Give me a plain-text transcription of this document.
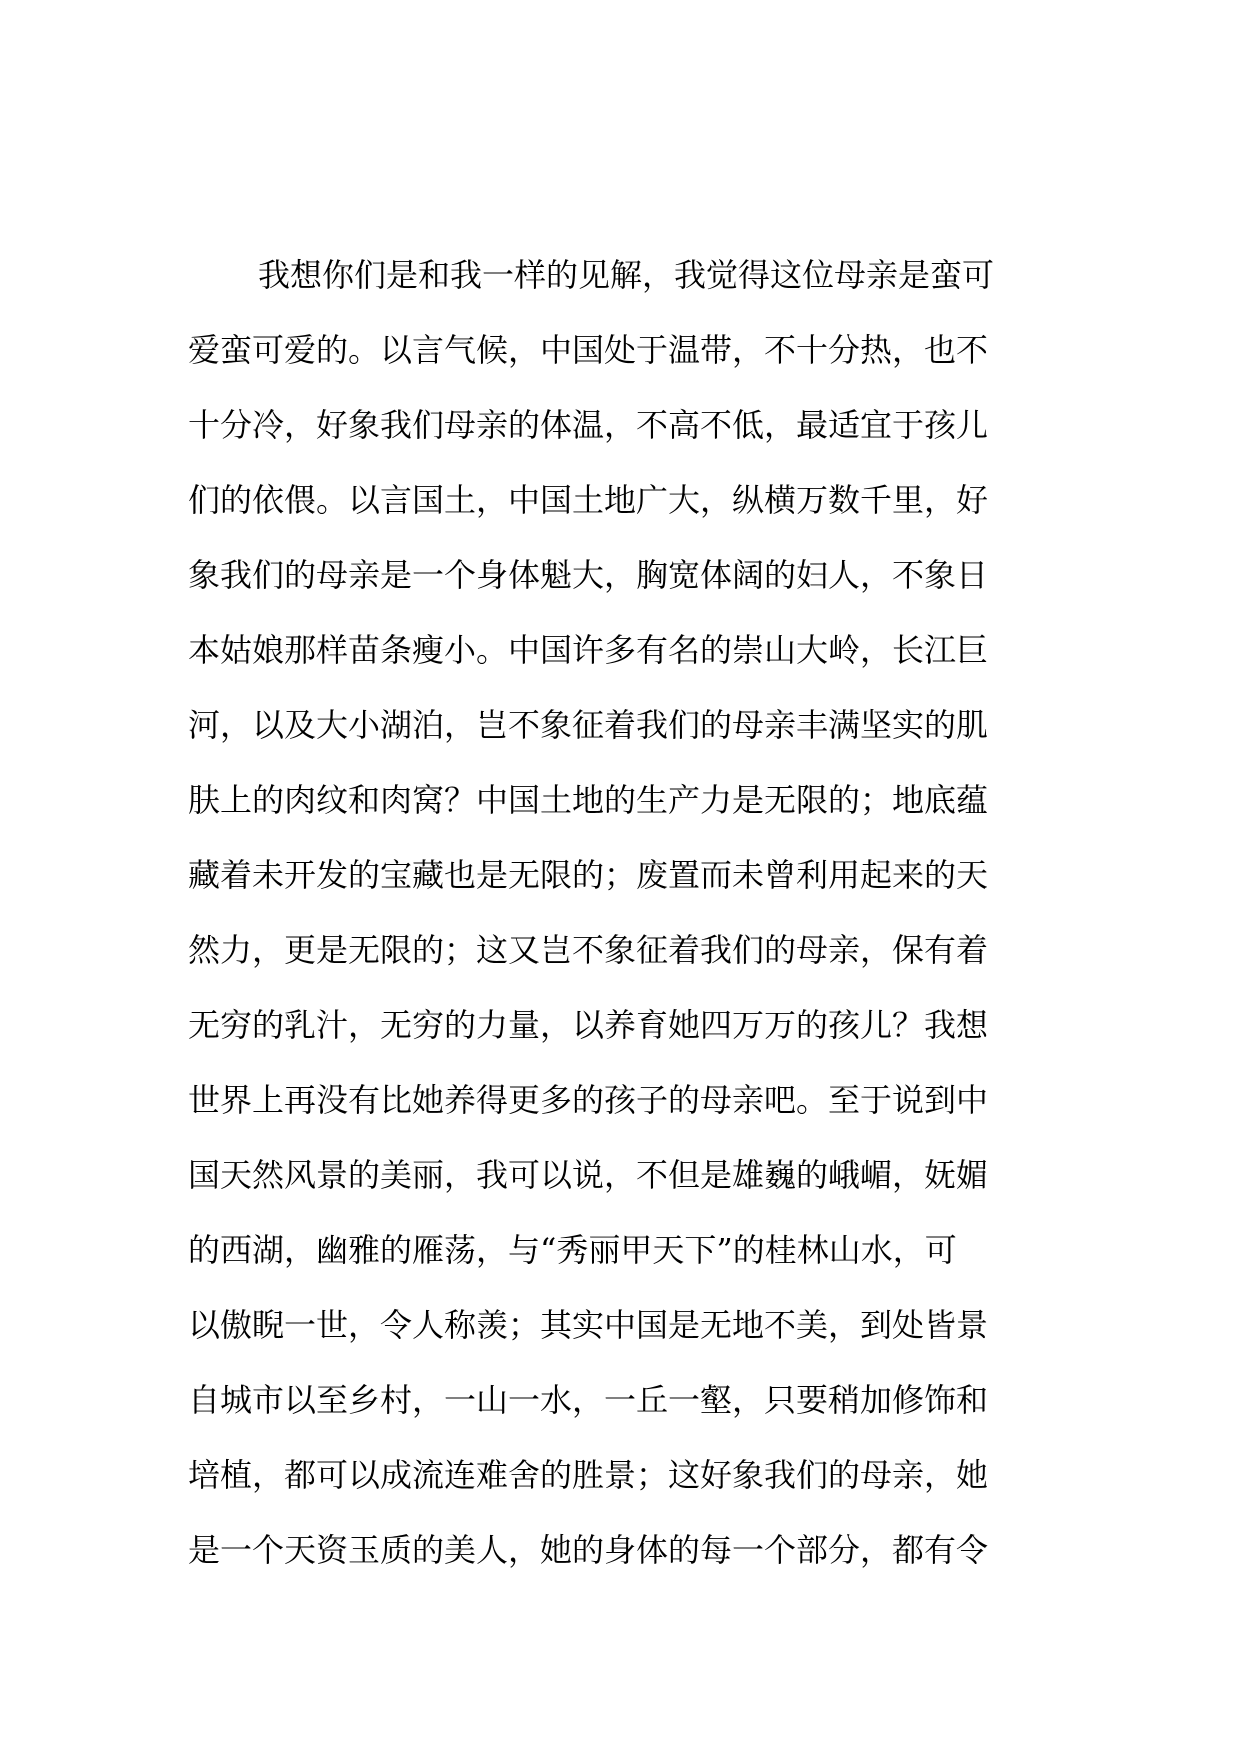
我想你们是和我一样的见解，我觉得这位母亲是蛮可
爱蛮可爱的。以言气候，中国处于温带，不十分热，也不
十分冷，好象我们母亲的体温，不高不低，最适宜于孩儿
们的依偎。以言国土，中国土地广大，纵横万数千里，好
象我们的母亲是一个身体魁大，胸宽体阔的妇人，不象日
本姑娘那样苗条瘦小。中国许多有名的崇山大岭，长江巨
河，以及大小湖泊，岂不象征着我们的母亲丰满坚实的肌
肤上的肉纹和肉窝？中国土地的生产力是无限的；地底蕴
藏着未开发的宝藏也是无限的；废置而未曾利用起来的天
然力，更是无限的；这又岂不象征着我们的母亲，保有着
无穷的乳汁，无穷的力量，以养育她四万万的孩儿？我想
世界上再没有比她养得更多的孩子的母亲吧。至于说到中
国天然风景的美丽，我可以说，不但是雄巍的峨嵋，妩媚
的西湖，幽雅的雁荡，与“秀丽甲天下”的桂林山水，可
以傲睨一世，令人称羡；其实中国是无地不美，到处皆景
自城市以至乡村，一山一水，一丘一壑，只要稍加修饰和
培植，都可以成流连难舍的胜景；这好象我们的母亲，她
是一个天资玉质的美人，她的身体的每一个部分，都有令
